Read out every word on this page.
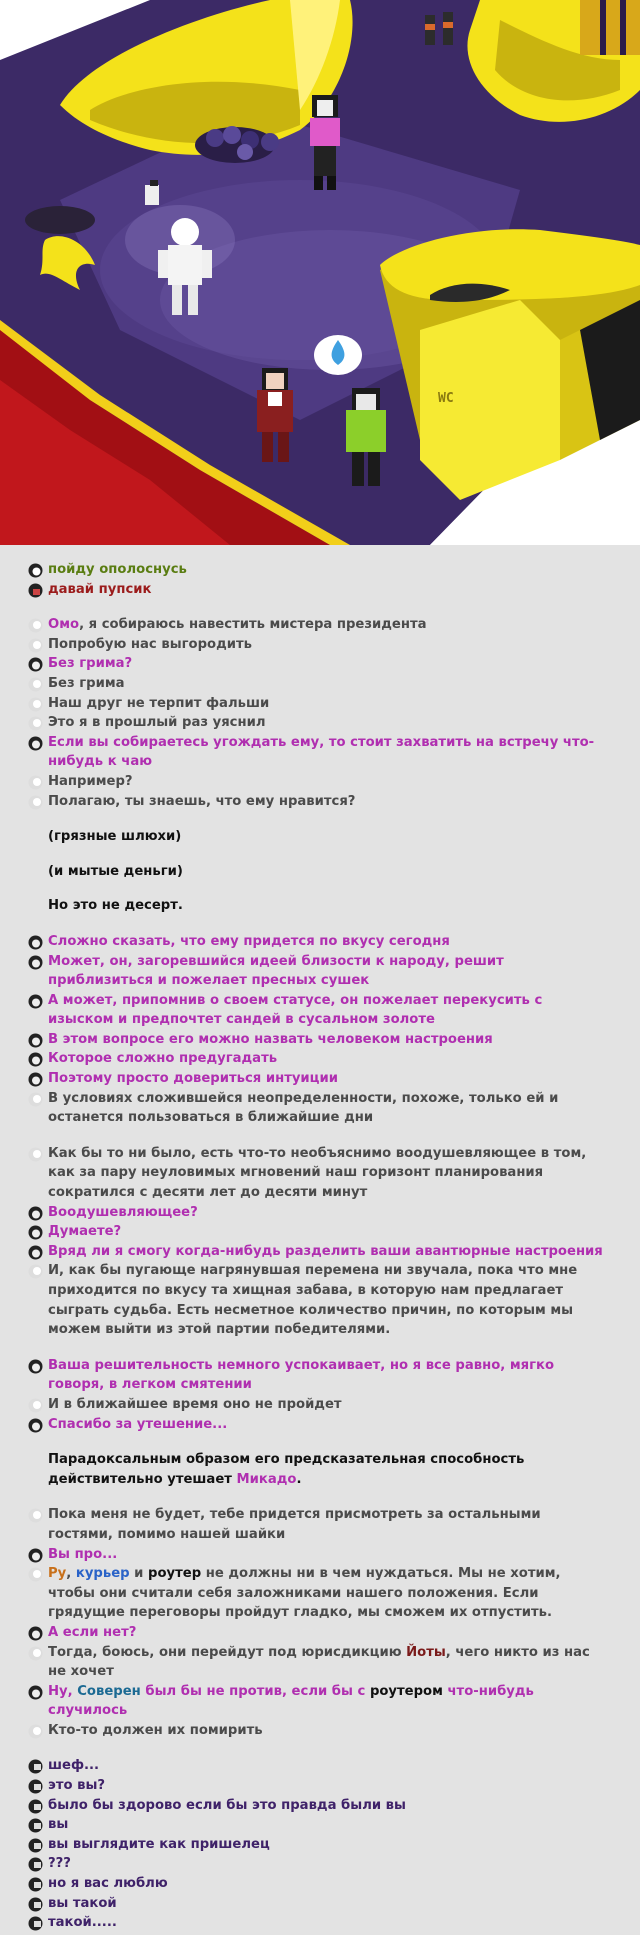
WC
пойду ополоснусь
давай пупсик
Омо, я собираюсь навестить мистера президента
Попробую нас выгородить
Без грима?
Без грима
Наш друг не терпит фальши
Это я в прошлый раз уяснил
Если вы собираетесь угождать ему, то стоит захватить на встречу что-нибудь к чаю
Например?
Полагаю, ты знаешь, что ему нравится?
(грязные шлюхи)
(и мытые деньги)
Но это не десерт.
Сложно сказать, что ему придется по вкусу сегодня
Может, он, загоревшийся идеей близости к народу, решит приблизиться и пожелает пресных сушек
А может, припомнив о своем статусе, он пожелает перекусить с изыском и предпочтет сандей в сусальном золоте
В этом вопросе его можно назвать человеком настроения
Которое сложно предугадать
Поэтому просто довериться интуиции
В условиях сложившейся неопределенности, похоже, только ей и останется пользоваться в ближайшие дни
Как бы то ни было, есть что-то необъяснимо воодушевляющее в том, как за пару неуловимых мгновений наш горизонт планирования сократился с десяти лет до десяти минут
Воодушевляющее?
Думаете?
Вряд ли я смогу когда-нибудь разделить ваши авантюрные настроения
И, как бы пугающе нагрянувшая перемена ни звучала, пока что мне приходится по вкусу та хищная забава, в которую нам предлагает сыграть судьба. Есть несметное количество причин, по которым мы можем выйти из этой партии победителями.
Ваша решительность немного успокаивает, но я все равно, мягко говоря, в легком смятении
И в ближайшее время оно не пройдет
Спасибо за утешение...
Парадоксальным образом его предсказательная способность действительно утешает Микадо.
Пока меня не будет, тебе придется присмотреть за остальными гостями, помимо нашей шайки
Вы про...
Ру, курьер и роутер не должны ни в чем нуждаться. Мы не хотим, чтобы они считали себя заложниками нашего положения. Если грядущие переговоры пройдут гладко, мы сможем их отпустить.
А если нет?
Тогда, боюсь, они перейдут под юрисдикцию Йоты, чего никто из нас не хочет
Ну, Соверен был бы не против, если бы с роутером что-нибудь случилось
Кто-то должен их помирить
шеф...
это вы?
было бы здорово если бы это правда были вы
вы
вы выглядите как пришелец
???
но я вас люблю
вы такой
такой.....
